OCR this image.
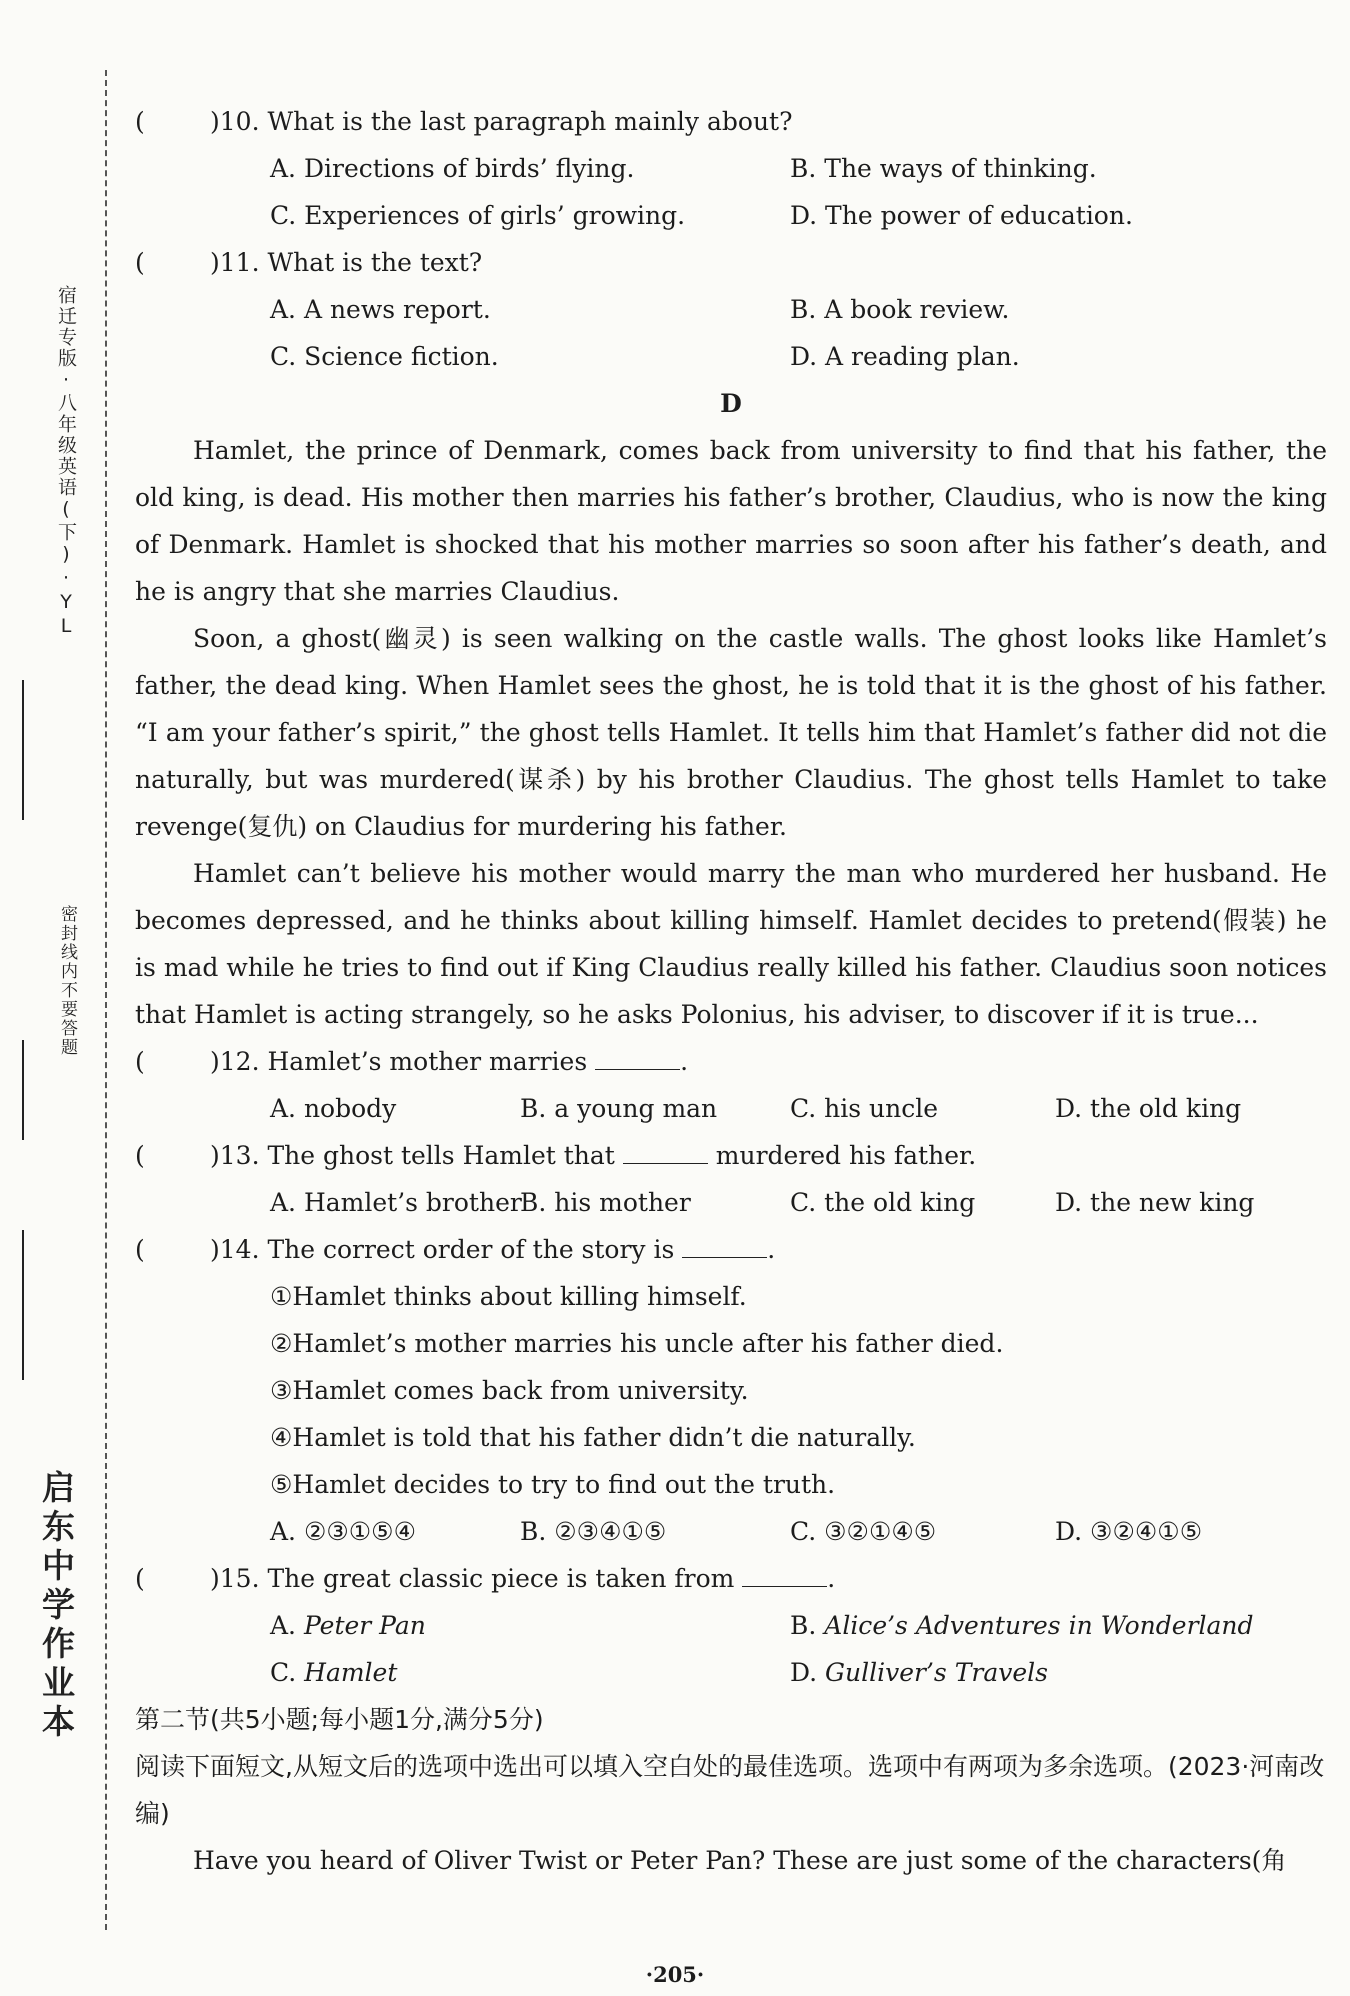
宿迁专版·八年级英语(下)·YL
密封线内不要答题
启东中学作业本
(	)10. What is the last paragraph mainly about?
A. Directions of birds’ flying.	B. The ways of thinking.
C. Experiences of girls’ growing.	D. The power of education.
(	)11. What is the text?
A. A news report.	B. A book review.
C. Science fiction.	D. A reading plan.
D

Hamlet, the prince of Denmark, comes back from university to find that his father, the old king, is dead. His mother then marries his father’s brother, Claudius, who is now the king of Denmark. Hamlet is shocked that his mother marries so soon after his father’s death, and he is angry that she marries Claudius.

Soon, a ghost(幽灵) is seen walking on the castle walls. The ghost looks like Hamlet’s father, the dead king. When Hamlet sees the ghost, he is told that it is the ghost of his father. “I am your father’s spirit,” the ghost tells Hamlet. It tells him that Hamlet’s father did not die naturally, but was murdered(谋杀) by his brother Claudius. The ghost tells Hamlet to take revenge(复仇) on Claudius for murdering his father.

Hamlet can’t believe his mother would marry the man who murdered her husband. He becomes depressed, and he thinks about killing himself. Hamlet decides to pretend(假装) he is mad while he tries to find out if King Claudius really killed his father. Claudius soon notices that Hamlet is acting strangely, so he asks Polonius, his adviser, to discover if it is true...

(	)12. Hamlet’s mother marries	.
A. nobody	B. a young man	C. his uncle	D. the old king
(	)13. The ghost tells Hamlet that	murdered his father.
A. Hamlet’s brother
B. his mother	C. the old king	D. the new king
(	)14. The correct order of the story is	.
①Hamlet thinks about killing himself.
②Hamlet’s mother marries his uncle after his father died.
③Hamlet comes back from university.
④Hamlet is told that his father didn’t die naturally.
⑤Hamlet decides to try to find out the truth.
A. ②③①⑤④	B. ②③④①⑤	C. ③②①④⑤	D. ③②④①⑤
(	)15. The great classic piece is taken from	.
A. Peter Pan	B. Alice’s Adventures in Wonderland
C. Hamlet	D. Gulliver’s Travels
第二节(共5小题;每小题1分,满分5分)

阅读下面短文,从短文后的选项中选出可以填入空白处的最佳选项。选项中有两项为多余选项。(2023·河南改编)

Have you heard of Oliver Twist or Peter Pan? These are just some of the characters(角

·205·
